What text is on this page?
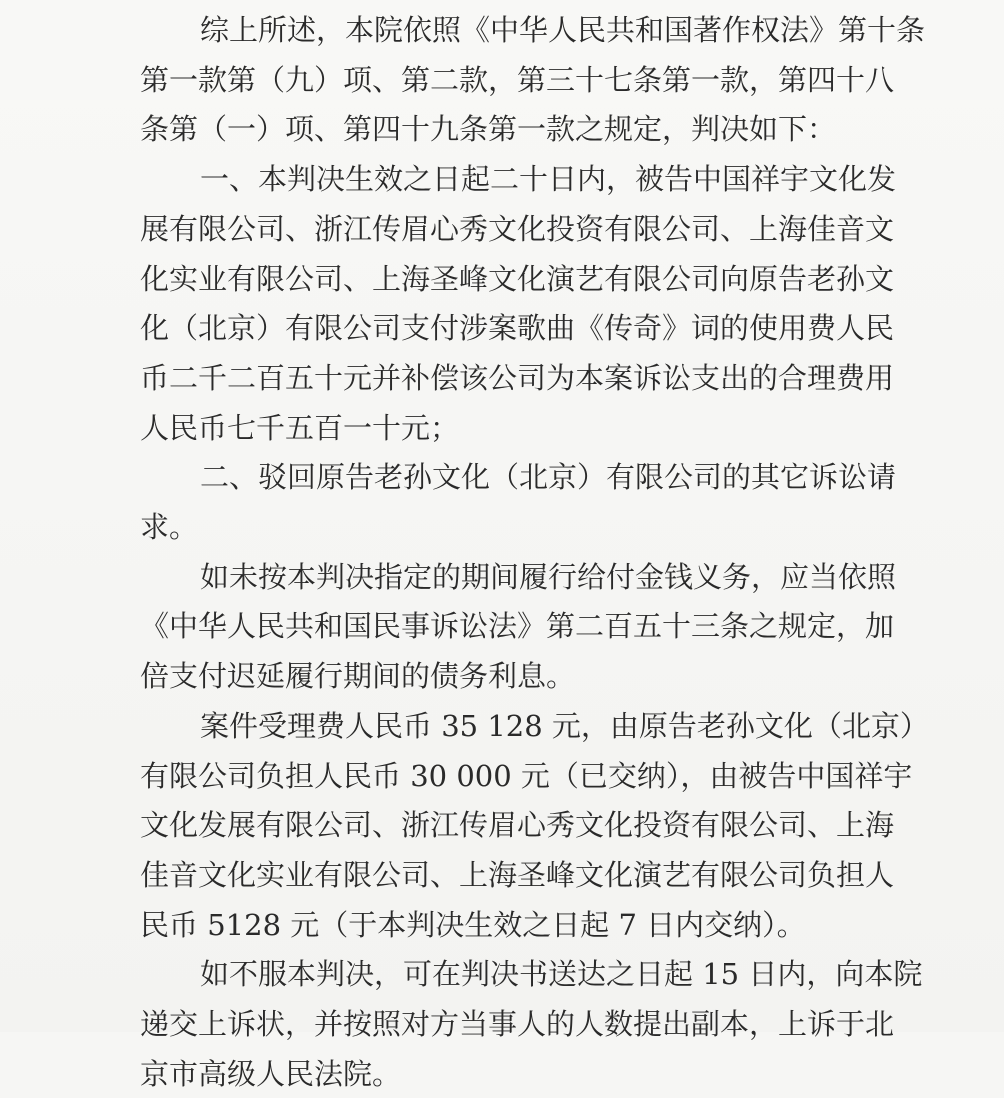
综上所述，本院依照《中华人民共和国著作权法》第十条
第一款第（九）项、第二款，第三十七条第一款，第四十八
条第（一）项、第四十九条第一款之规定，判决如下：
一、本判决生效之日起二十日内，被告中国祥宇文化发
展有限公司、浙江传眉心秀文化投资有限公司、上海佳音文
化实业有限公司、上海圣峰文化演艺有限公司向原告老孙文
化（北京）有限公司支付涉案歌曲《传奇》词的使用费人民
币二千二百五十元并补偿该公司为本案诉讼支出的合理费用
人民币七千五百一十元；
二、驳回原告老孙文化（北京）有限公司的其它诉讼请
求。
如未按本判决指定的期间履行给付金钱义务，应当依照
《中华人民共和国民事诉讼法》第二百五十三条之规定，加
倍支付迟延履行期间的债务利息。
案件受理费人民币 35 128 元，由原告老孙文化（北京）
有限公司负担人民币 30 000 元（已交纳），由被告中国祥宇
文化发展有限公司、浙江传眉心秀文化投资有限公司、上海
佳音文化实业有限公司、上海圣峰文化演艺有限公司负担人
民币 5128 元（于本判决生效之日起 7 日内交纳）。
如不服本判决，可在判决书送达之日起 15 日内，向本院
递交上诉状，并按照对方当事人的人数提出副本，上诉于北
京市高级人民法院。
